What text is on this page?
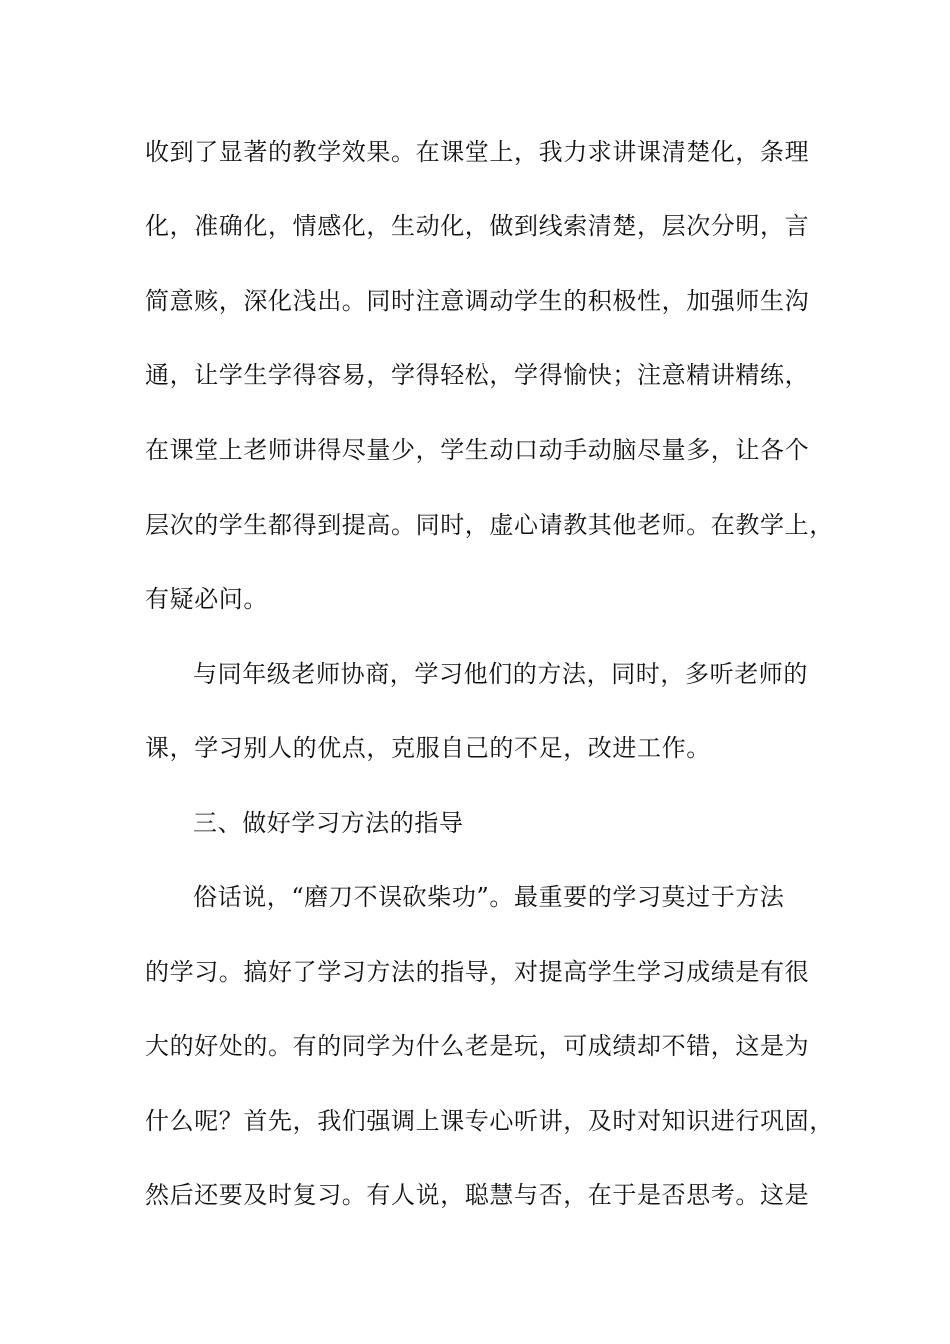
收到了显著的教学效果。在课堂上，我力求讲课清楚化，条理
化，准确化，情感化，生动化，做到线索清楚，层次分明，言
简意赅，深化浅出。同时注意调动学生的积极性，加强师生沟
通，让学生学得容易，学得轻松，学得愉快；注意精讲精练，
在课堂上老师讲得尽量少，学生动口动手动脑尽量多，让各个
层次的学生都得到提高。同时，虚心请教其他老师。在教学上，
有疑必问。
与同年级老师协商，学习他们的方法，同时，多听老师的
课，学习别人的优点，克服自己的不足，改进工作。
三、做好学习方法的指导
俗话说，“磨刀不误砍柴功”。最重要的学习莫过于方法
的学习。搞好了学习方法的指导，对提高学生学习成绩是有很
大的好处的。有的同学为什么老是玩，可成绩却不错，这是为
什么呢？首先，我们强调上课专心听讲，及时对知识进行巩固，
然后还要及时复习。有人说，聪慧与否，在于是否思考。这是
